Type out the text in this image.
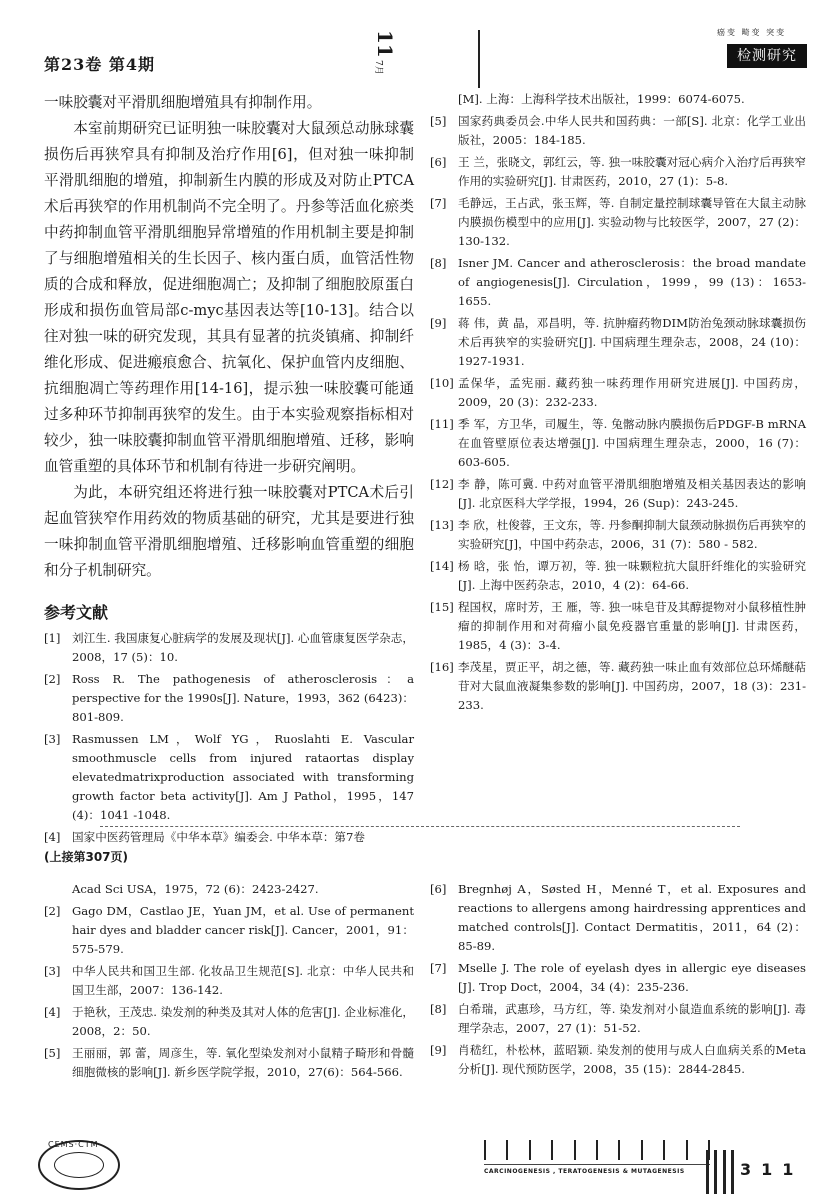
第23卷 第4期
11
7月
癌变 畸变 突变
检测研究

一味胶囊对平滑肌细胞增殖具有抑制作用。

本室前期研究已证明独一味胶囊对大鼠颈总动脉球囊损伤后再狭窄具有抑制及治疗作用[6]，但对独一味抑制平滑肌细胞的增殖，抑制新生内膜的形成及对防止PTCA术后再狭窄的作用机制尚不完全明了。丹参等活血化瘀类中药抑制血管平滑肌细胞异常增殖的作用机制主要是抑制了与细胞增殖相关的生长因子、核内蛋白质，血管活性物质的合成和释放，促进细胞凋亡；及抑制了细胞胶原蛋白形成和损伤血管局部c-myc基因表达等[10-13]。结合以往对独一味的研究发现，其具有显著的抗炎镇痛、抑制纤维化形成、促进瘢痕愈合、抗氧化、保护血管内皮细胞、抗细胞凋亡等药理作用[14-16]，提示独一味胶囊可能通过多种环节抑制再狭窄的发生。由于本实验观察指标相对较少，独一味胶囊抑制血管平滑肌细胞增殖、迁移，影响血管重塑的具体环节和机制有待进一步研究阐明。

为此，本研究组还将进行独一味胶囊对PTCA术后引起血管狭窄作用药效的物质基础的研究，尤其是要进行独一味抑制血管平滑肌细胞增殖、迁移影响血管重塑的细胞和分子机制研究。

参考文献
[1] 刘江生. 我国康复心脏病学的发展及现状[J]. 心血管康复医学杂志，2008，17 (5)：10.
[2] Ross R. The pathogenesis of atherosclerosis：a perspective for the 1990s[J]. Nature，1993，362 (6423)：801-809.
[3] Rasmussen LM，Wolf YG，Ruoslahti E. Vascular smoothmuscle cells from injured rataortas display elevatedmatrixproduction associated with transforming growth factor beta activity[J]. Am J Pathol，1995，147 (4)：1041 -1048.
[4] 国家中医药管理局《中华本草》编委会. 中华本草：第7卷
[M]. 上海：上海科学技术出版社，1999：6074-6075.
[5] 国家药典委员会.中华人民共和国药典：一部[S]. 北京：化学工业出版社，2005：184-185.
[6] 王 兰，张晓文，郭红云，等. 独一味胶囊对冠心病介入治疗后再狭窄作用的实验研究[J]. 甘肃医药，2010，27 (1)：5-8.
[7] 毛静远，王占武，张玉辉，等. 自制定量控制球囊导管在大鼠主动脉内膜损伤模型中的应用[J]. 实验动物与比较医学，2007，27 (2)：130-132.
[8] Isner JM. Cancer and atherosclerosis：the broad mandate of angiogenesis[J]. Circulation，1999，99 (13)：1653-1655.
[9] 蒋 伟，黄 晶，邓昌明，等. 抗肿瘤药物DIM防治兔颈动脉球囊损伤术后再狭窄的实验研究[J]. 中国病理生理杂志，2008，24 (10)：1927-1931.
[10] 孟保华，孟宪丽. 藏药独一味药理作用研究进展[J]. 中国药房，2009，20 (3)：232-233.
[11] 季 军，方卫华，司履生，等. 兔髂动脉内膜损伤后PDGF-B mRNA在血管壁原位表达增强[J]. 中国病理生理杂志，2000，16 (7)：603-605.
[12] 李 静，陈可冀. 中药对血管平滑肌细胞增殖及相关基因表达的影响[J]. 北京医科大学学报，1994，26 (Sup)：243-245.
[13] 李 欣，杜俊蓉，王文东，等. 丹参酮抑制大鼠颈动脉损伤后再狭窄的实验研究[J]，中国中药杂志，2006，31 (7)：580 - 582.
[14] 杨 晗，张 怡，谭万初，等. 独一味颗粒抗大鼠肝纤维化的实验研究[J]. 上海中医药杂志，2010，4 (2)：64-66.
[15] 程国权，席时芳，王 雁，等. 独一味皂苷及其醇提物对小鼠移植性肿瘤的抑制作用和对荷瘤小鼠免疫器官重量的影响[J]. 甘肃医药，1985，4 (3)：3-4.
[16] 李茂星，贾正平，胡之德，等. 藏药独一味止血有效部位总环烯醚萜苷对大鼠血液凝集参数的影响[J]. 中国药房，2007，18 (3)：231-233.
(上接第307页)
Acad Sci USA，1975，72 (6)：2423-2427.
[2] Gago DM，Castlao JE，Yuan JM，et al. Use of permanent hair dyes and bladder cancer risk[J]. Cancer，2001，91：575-579.
[3] 中华人民共和国卫生部. 化妆品卫生规范[S]. 北京：中华人民共和国卫生部，2007：136-142.
[4] 于艳秋，王茂忠. 染发剂的种类及其对人体的危害[J]. 企业标准化，2008，2：50.
[5] 王丽丽，郭 蕾，周彦生，等. 氧化型染发剂对小鼠精子畸形和骨髓细胞微核的影响[J]. 新乡医学院学报，2010，27(6)：564-566.
[6] Bregnhøj A，Søsted H，Menné T，et al. Exposures and reactions to allergens among hairdressing apprentices and matched controls[J]. Contact Dermatitis，2011，64 (2)：85-89.
[7] Mselle J. The role of eyelash dyes in allergic eye diseases [J]. Trop Doct，2004，34 (4)：235-236.
[8] 白希瑞，武惠珍，马方红，等. 染发剂对小鼠造血系统的影响[J]. 毒理学杂志，2007，27 (1)：51-52.
[9] 肖嵇红，朴松林，蓝昭颖. 染发剂的使用与成人白血病关系的Meta分析[J]. 现代预防医学，2008，35 (15)：2844-2845.
CEMS·CTM
CARCINOGENESIS , TERATOGENESIS & MUTAGENESIS	311
